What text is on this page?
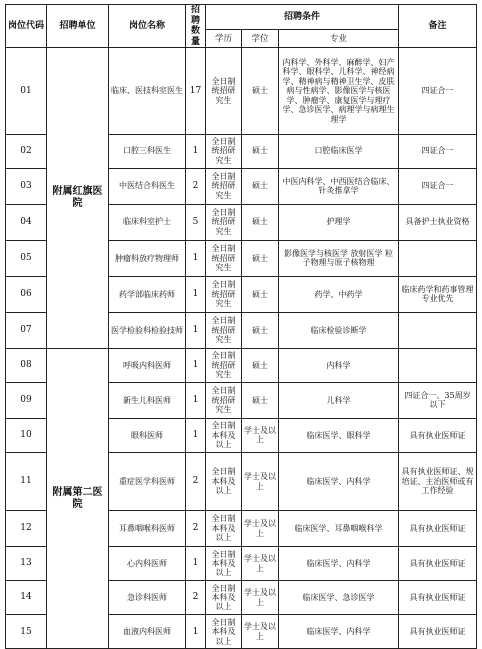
岗位代码	招聘单位	岗位名称	招聘数量	招聘条件			备注
				学历	学位	专业	
01	附属红旗医院	临床、医技科室医生	17	全日制统招研究生	硕士	内科学、外科学、麻醉学、妇产科学、眼科学、儿科学、神经病学、精神病与精神卫生学、皮肤病与性病学、影像医学与核医学、肿瘤学、康复医学与理疗学、急诊医学、病理学与病理生理学	四证合一
02		口腔三科医生	1	全日制统招研究生	硕士	口腔临床医学	四证合一
03		中医结合科医生	2	全日制统招研究生	硕士	中医内科学、中西医结合临床、针灸推拿学	四证合一
04		临床科室护士	5	全日制统招研究生	硕士	护理学	具备护士执业资格
05		肿瘤科放疗物理师	1	全日制统招研究生	硕士	影像医学与核医学 放射医学 粒子物理与原子核物理	
06		药学部临床药师	1	全日制统招研究生	硕士	药学、中药学	临床药学和药事管理专业优先
07		医学检验科检验技师	1	全日制统招研究生	硕士	临床检验诊断学	
08	附属第二医院	呼吸内科医师	1	全日制统招研究生	硕士	内科学	
09		新生儿科医师	1	全日制统招研究生	硕士	儿科学	四证合一、35周岁以下
10		眼科医师	1	全日制本科及以上	学士及以上	临床医学、眼科学	具有执业医师证
11		重症医学科医师	2	全日制本科及以上	学士及以上	临床医学、内科学	具有执业医师证、规培证、主治医师或有工作经验
12		耳鼻咽喉科医师	2	全日制本科及以上	学士及以上	临床医学、耳鼻咽喉科学	具有执业医师证
13		心内科医师	1	全日制本科及以上	学士及以上	临床医学、内科学	具有执业医师证
14		急诊科医师	2	全日制本科及以上	学士及以上	临床医学、急诊医学	具有执业医师证
15		血液内科医师	1	全日制本科及以上	学士及以上	临床医学、内科学	具有执业医师证
